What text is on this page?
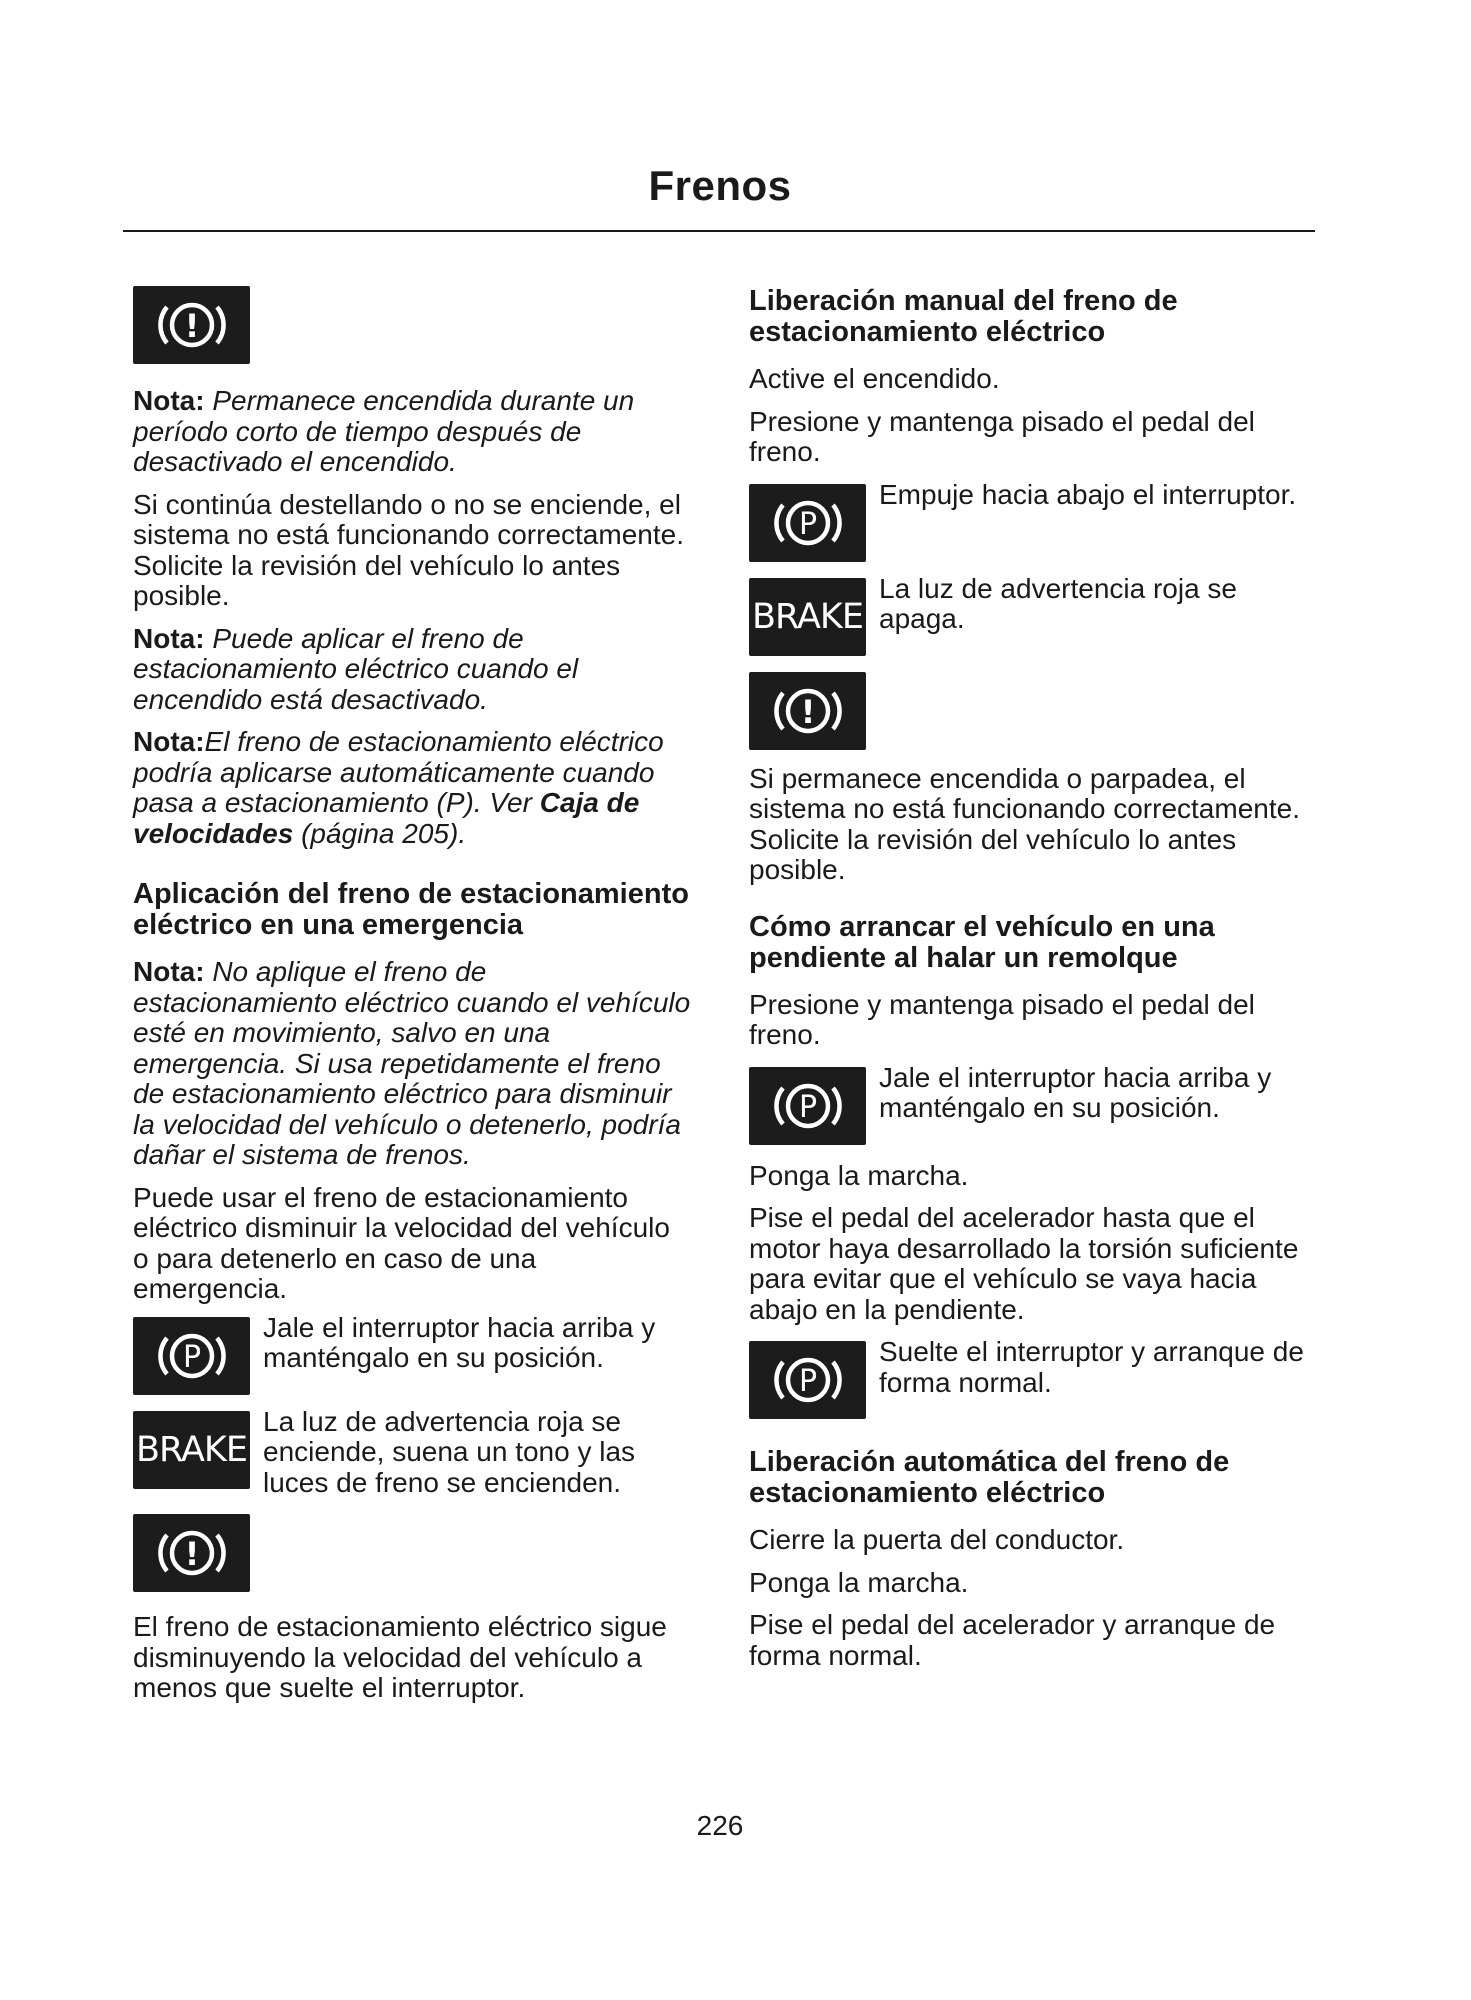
Frenos
!

Nota: Permanece encendida durante un período corto de tiempo después de desactivado el encendido.

Si continúa destellando o no se enciende, el sistema no está funcionando correctamente. Solicite la revisión del vehículo lo antes posible.

Nota: Puede aplicar el freno de estacionamiento eléctrico cuando el encendido está desactivado.

Nota:El freno de estacionamiento eléctrico podría aplicarse automáticamente cuando pasa a estacionamiento (P). Ver Caja de velocidades (página 205).

Aplicación del freno de estacionamiento eléctrico en una emergencia

Nota: No aplique el freno de estacionamiento eléctrico cuando el vehículo esté en movimiento, salvo en una emergencia. Si usa repetidamente el freno de estacionamiento eléctrico para disminuir la velocidad del vehículo o detenerlo, podría dañar el sistema de frenos.

Puede usar el freno de estacionamiento eléctrico disminuir la velocidad del vehículo o para detenerlo en caso de una emergencia.

P
Jale el interruptor hacia arriba y manténgalo en su posición.
BRAKE
La luz de advertencia roja se enciende, suena un tono y las luces de freno se encienden.
!

El freno de estacionamiento eléctrico sigue disminuyendo la velocidad del vehículo a menos que suelte el interruptor.

Liberación manual del freno de estacionamiento eléctrico

Active el encendido.

Presione y mantenga pisado el pedal del freno.

P
Empuje hacia abajo el interruptor.
BRAKE
La luz de advertencia roja se apaga.
!

Si permanece encendida o parpadea, el sistema no está funcionando correctamente. Solicite la revisión del vehículo lo antes posible.

Cómo arrancar el vehículo en una pendiente al halar un remolque

Presione y mantenga pisado el pedal del freno.

P
Jale el interruptor hacia arriba y manténgalo en su posición.

Ponga la marcha.

Pise el pedal del acelerador hasta que el motor haya desarrollado la torsión suficiente para evitar que el vehículo se vaya hacia abajo en la pendiente.

P
Suelte el interruptor y arranque de forma normal.
Liberación automática del freno de estacionamiento eléctrico

Cierre la puerta del conductor.

Ponga la marcha.

Pise el pedal del acelerador y arranque de forma normal.

226
